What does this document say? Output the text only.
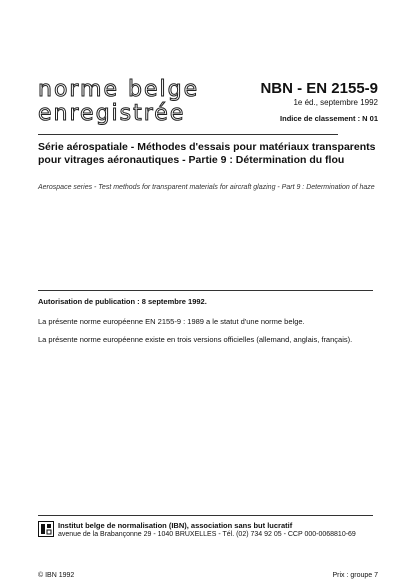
norme belge
enregistrée
NBN - EN 2155-9
1e éd., septembre 1992
Indice de classement : N 01
Série aérospatiale - Méthodes d'essais pour matériaux transparents pour vitrages aéronautiques - Partie 9 : Détermination du flou
Aerospace series - Test methods for transparent materials for aircraft glazing - Part 9 : Determination of haze
Autorisation de publication : 8 septembre 1992.
La présente norme européenne EN 2155-9 : 1989 a le statut d'une norme belge.
La présente norme européenne existe en trois versions officielles (allemand, anglais, français).
Institut belge de normalisation (IBN), association sans but lucratif
avenue de la Brabançonne 29 - 1040 BRUXELLES - Tél. (02) 734 92 05 - CCP 000-0068810-69
© IBN 1992	Prix : groupe 7
